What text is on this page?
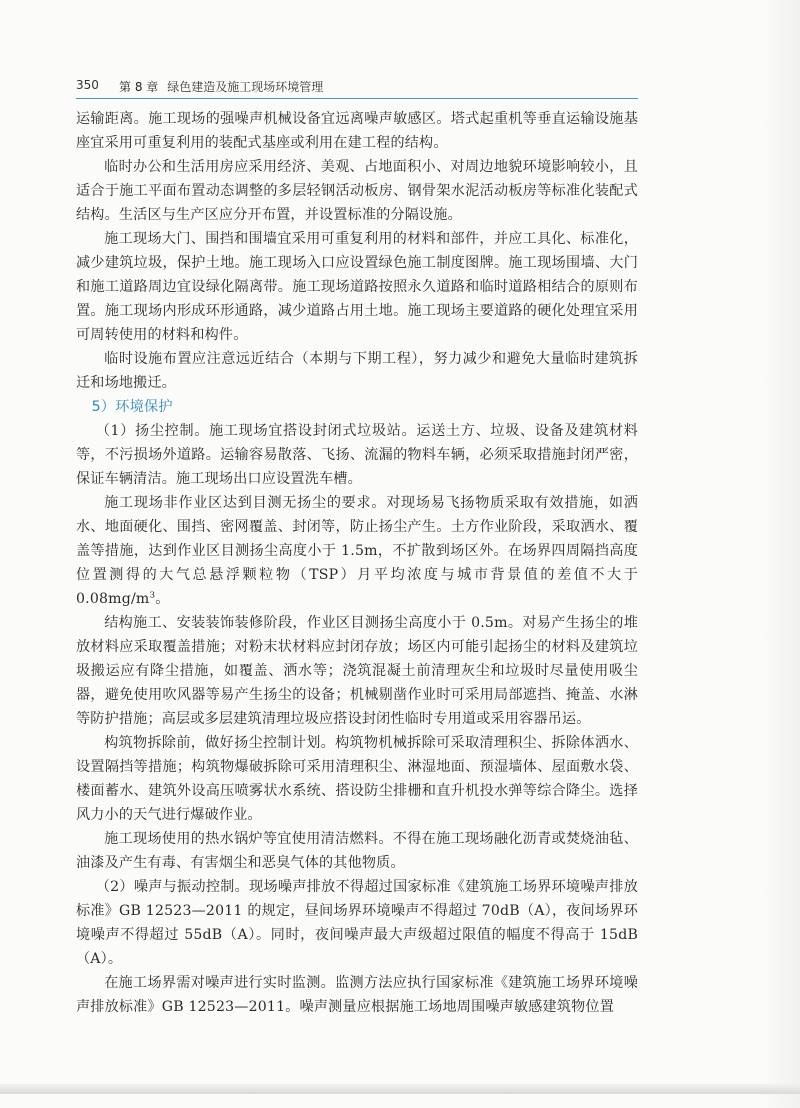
350 第 8 章 绿色建造及施工现场环境管理

运输距离。施工现场的强噪声机械设备宜远离噪声敏感区。塔式起重机等垂直运输设施基座宜采用可重复利用的装配式基座或利用在建工程的结构。

临时办公和生活用房应采用经济、美观、占地面积小、对周边地貌环境影响较小，且适合于施工平面布置动态调整的多层轻钢活动板房、钢骨架水泥活动板房等标准化装配式结构。生活区与生产区应分开布置，并设置标准的分隔设施。

施工现场大门、围挡和围墙宜采用可重复利用的材料和部件，并应工具化、标准化，减少建筑垃圾，保护土地。施工现场入口应设置绿色施工制度图牌。施工现场围墙、大门和施工道路周边宜设绿化隔离带。施工现场道路按照永久道路和临时道路相结合的原则布置。施工现场内形成环形通路，减少道路占用土地。施工现场主要道路的硬化处理宜采用可周转使用的材料和构件。

临时设施布置应注意远近结合（本期与下期工程），努力减少和避免大量临时建筑拆迁和场地搬迁。

5）环境保护

（1）扬尘控制。施工现场宜搭设封闭式垃圾站。运送土方、垃圾、设备及建筑材料等，不污损场外道路。运输容易散落、飞扬、流漏的物料车辆，必须采取措施封闭严密，保证车辆清洁。施工现场出口应设置洗车槽。

施工现场非作业区达到目测无扬尘的要求。对现场易飞扬物质采取有效措施，如洒水、地面硬化、围挡、密网覆盖、封闭等，防止扬尘产生。土方作业阶段，采取洒水、覆盖等措施，达到作业区目测扬尘高度小于 1.5m，不扩散到场区外。在场界四周隔挡高度位置测得的大气总悬浮颗粒物（TSP）月平均浓度与城市背景值的差值不大于 $0.08mg/m^3$。

结构施工、安装装饰装修阶段，作业区目测扬尘高度小于 0.5m。对易产生扬尘的堆放材料应采取覆盖措施；对粉末状材料应封闭存放；场区内可能引起扬尘的材料及建筑垃圾搬运应有降尘措施，如覆盖、洒水等；浇筑混凝土前清理灰尘和垃圾时尽量使用吸尘器，避免使用吹风器等易产生扬尘的设备；机械剔凿作业时可采用局部遮挡、掩盖、水淋等防护措施；高层或多层建筑清理垃圾应搭设封闭性临时专用道或采用容器吊运。

构筑物拆除前，做好扬尘控制计划。构筑物机械拆除可采取清理积尘、拆除体洒水、设置隔挡等措施；构筑物爆破拆除可采用清理积尘、淋湿地面、预湿墙体、屋面敷水袋、楼面蓄水、建筑外设高压喷雾状水系统、搭设防尘排栅和直升机投水弹等综合降尘。选择风力小的天气进行爆破作业。

施工现场使用的热水锅炉等宜使用清洁燃料。不得在施工现场融化沥青或焚烧油毡、油漆及产生有毒、有害烟尘和恶臭气体的其他物质。

（2）噪声与振动控制。现场噪声排放不得超过国家标准《建筑施工场界环境噪声排放标准》GB 12523—2011 的规定，昼间场界环境噪声不得超过 70dB（A），夜间场界环境噪声不得超过 55dB（A）。同时，夜间噪声最大声级超过限值的幅度不得高于 15dB（A）。

在施工场界需对噪声进行实时监测。监测方法应执行国家标准《建筑施工场界环境噪声排放标准》GB 12523—2011。噪声测量应根据施工场地周围噪声敏感建筑物位置
